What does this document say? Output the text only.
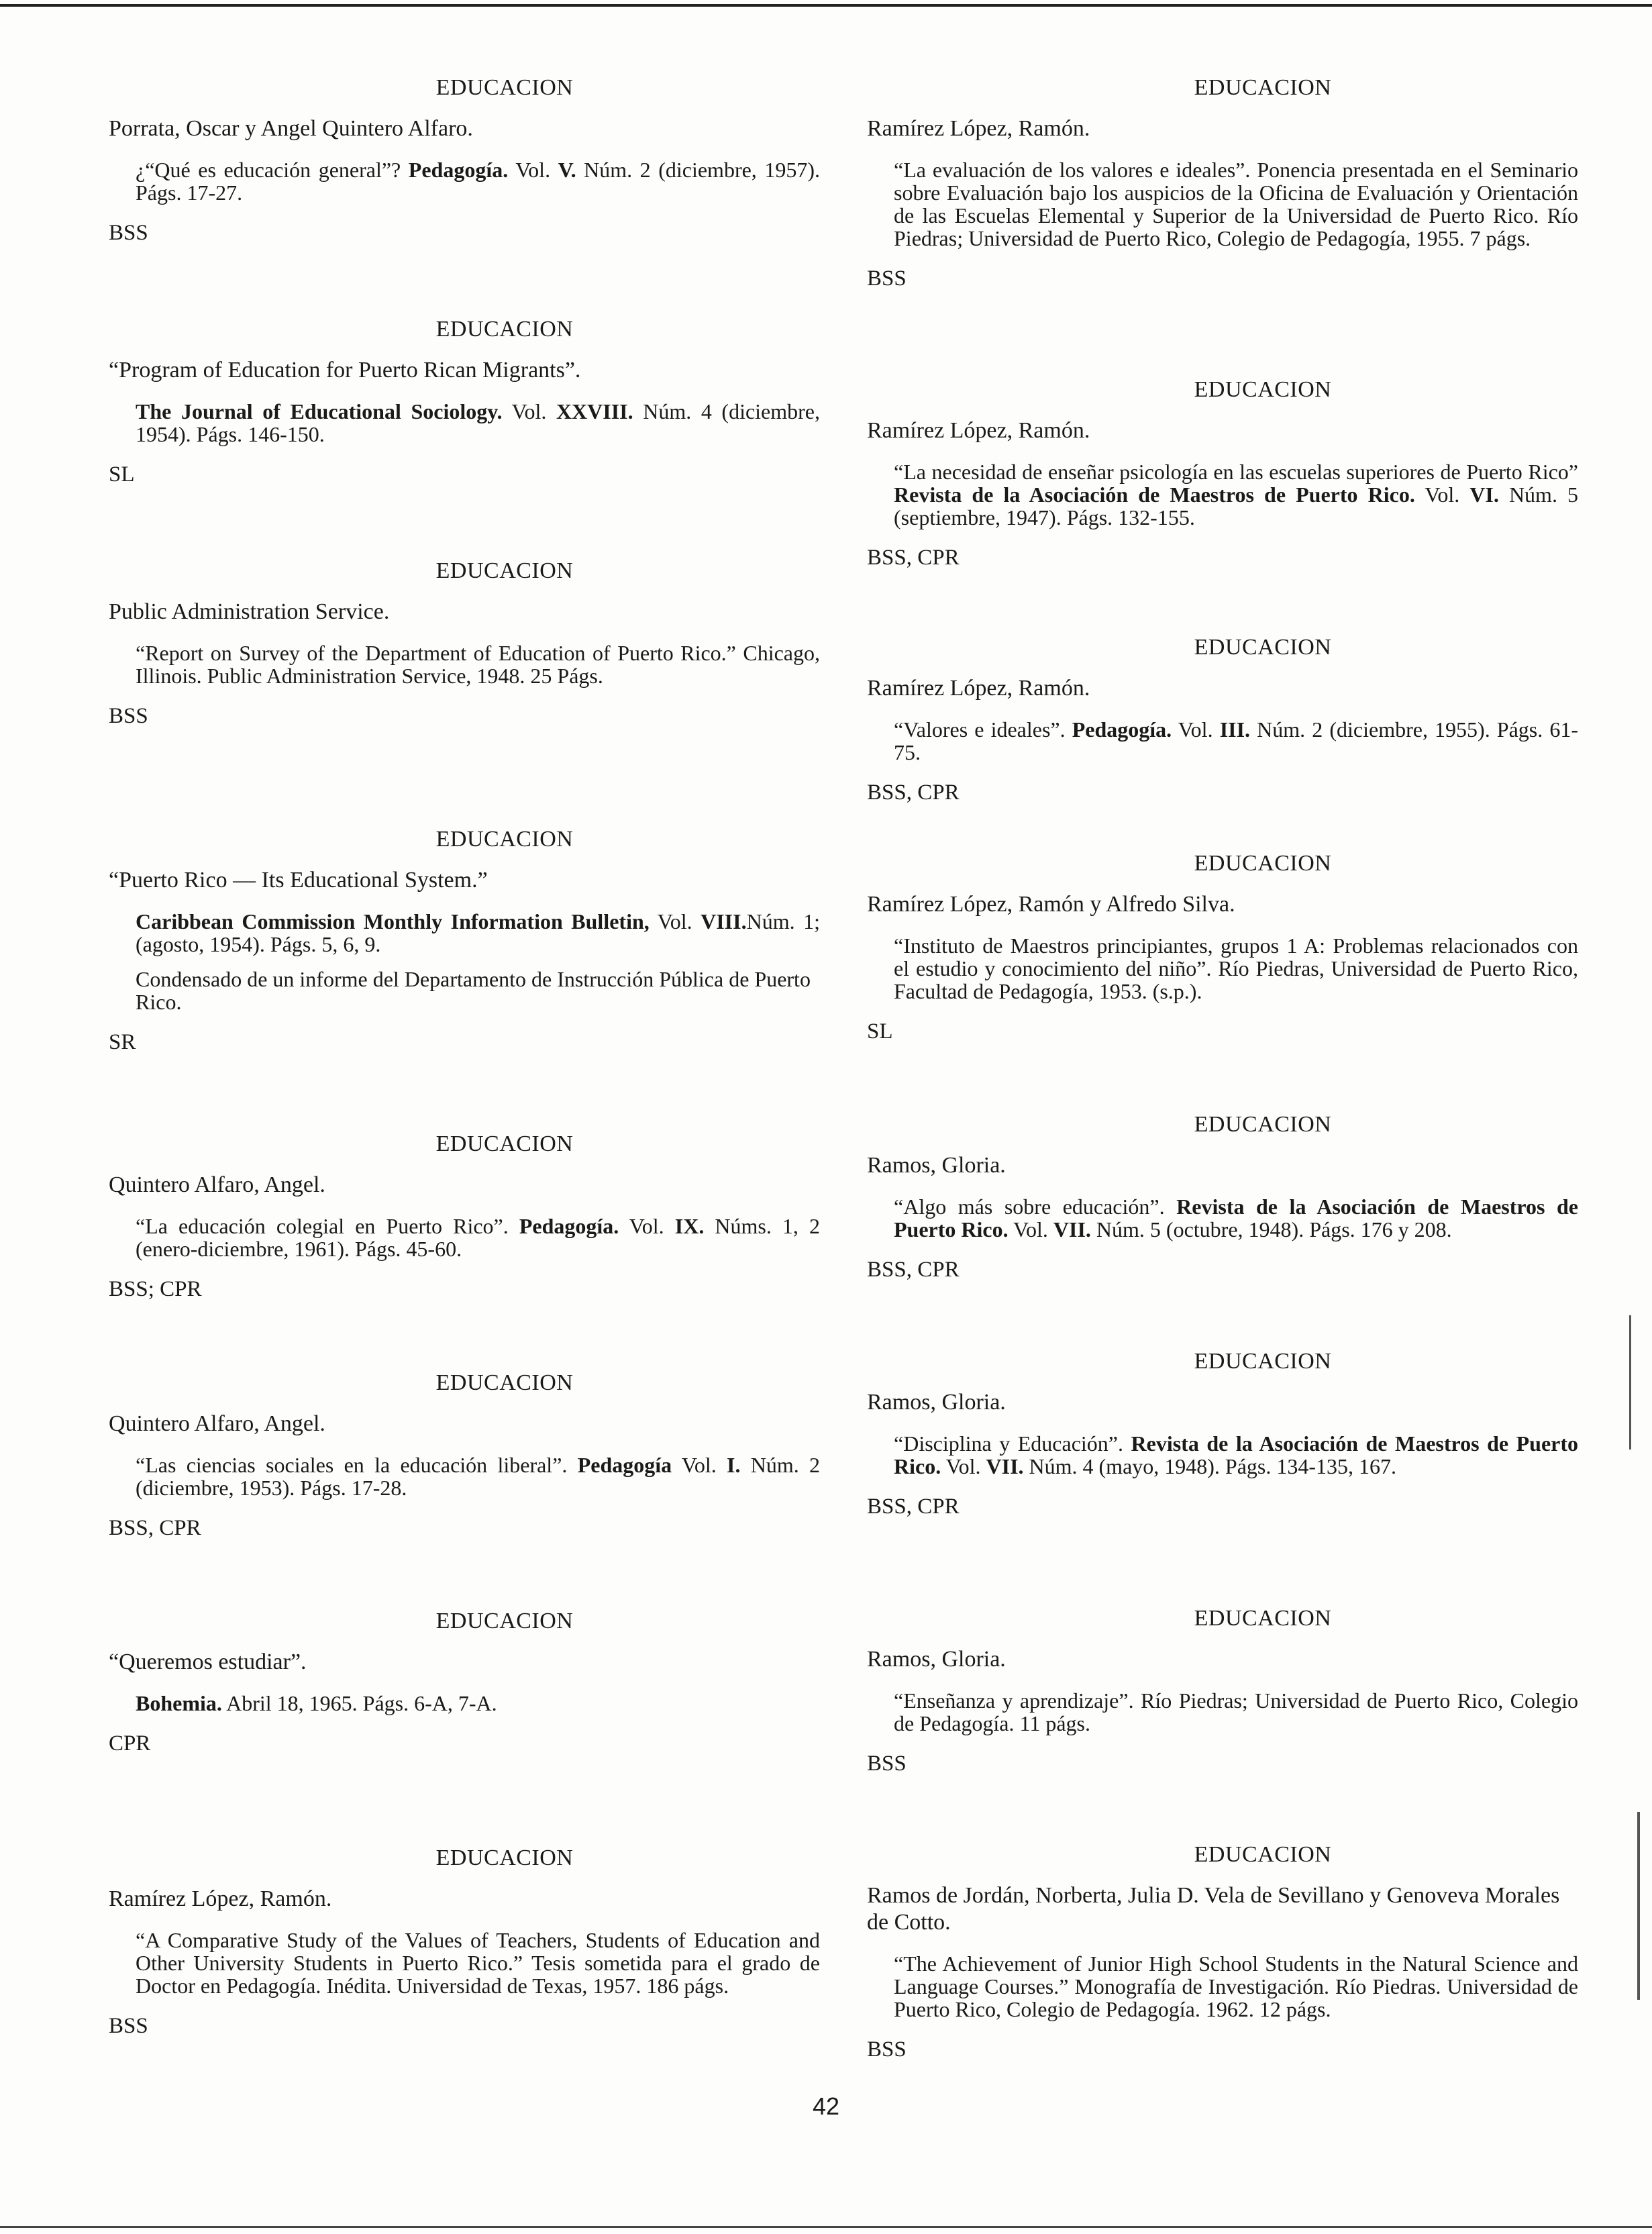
EDUCACION
Porrata, Oscar y Angel Quintero Alfaro.
¿“Qué es educación general”? Pedagogía. Vol. V. Núm. 2 (diciembre, 1957). Págs. 17-27.
BSS
EDUCACION
“Program of Education for Puerto Rican Migrants”.
The Journal of Educational Sociology. Vol. XXVIII. Núm. 4 (diciembre, 1954). Págs. 146-150.
SL
EDUCACION
Public Administration Service.
“Report on Survey of the Department of Education of Puerto Rico.” Chicago, Illinois. Public Administration Service, 1948. 25 Págs.
BSS
EDUCACION
“Puerto Rico — Its Educational System.”
Caribbean Commission Monthly Information Bulletin, Vol. VIII.Núm. 1; (agosto, 1954). Págs. 5, 6, 9.
Condensado de un informe del Departamento de Instrucción Pública de Puerto Rico.
SR
EDUCACION
Quintero Alfaro, Angel.
“La educación colegial en Puerto Rico”. Pedagogía. Vol. IX. Núms. 1, 2 (enero-diciembre, 1961). Págs. 45-60.
BSS; CPR
EDUCACION
Quintero Alfaro, Angel.
“Las ciencias sociales en la educación liberal”. Pedagogía Vol. I. Núm. 2 (diciembre, 1953). Págs. 17-28.
BSS, CPR
EDUCACION
“Queremos estudiar”.
Bohemia. Abril 18, 1965. Págs. 6-A, 7-A.
CPR
EDUCACION
Ramírez López, Ramón.
“A Comparative Study of the Values of Teachers, Students of Education and Other University Students in Puerto Rico.” Tesis sometida para el grado de Doctor en Pedagogía. Inédita. Universidad de Texas, 1957. 186 págs.
BSS
EDUCACION
Ramírez López, Ramón.
“La evaluación de los valores e ideales”. Ponencia presentada en el Seminario sobre Evaluación bajo los auspicios de la Oficina de Evaluación y Orientación de las Escuelas Elemental y Superior de la Universidad de Puerto Rico. Río Piedras; Universidad de Puerto Rico, Colegio de Pedagogía, 1955. 7 págs.
BSS
EDUCACION
Ramírez López, Ramón.
“La necesidad de enseñar psicología en las escuelas superiores de Puerto Rico” Revista de la Asociación de Maestros de Puerto Rico. Vol. VI. Núm. 5 (septiembre, 1947). Págs. 132-155.
BSS, CPR
EDUCACION
Ramírez López, Ramón.
“Valores e ideales”. Pedagogía. Vol. III. Núm. 2 (diciembre, 1955). Págs. 61-75.
BSS, CPR
EDUCACION
Ramírez López, Ramón y Alfredo Silva.
“Instituto de Maestros principiantes, grupos 1 A: Problemas relacionados con el estudio y conocimiento del niño”. Río Piedras, Universidad de Puerto Rico, Facultad de Pedagogía, 1953. (s.p.).
SL
EDUCACION
Ramos, Gloria.
“Algo más sobre educación”. Revista de la Asociación de Maestros de Puerto Rico. Vol. VII. Núm. 5 (octubre, 1948). Págs. 176 y 208.
BSS, CPR
EDUCACION
Ramos, Gloria.
“Disciplina y Educación”. Revista de la Asociación de Maestros de Puerto Rico. Vol. VII. Núm. 4 (mayo, 1948). Págs. 134-135, 167.
BSS, CPR
EDUCACION
Ramos, Gloria.
“Enseñanza y aprendizaje”. Río Piedras; Universidad de Puerto Rico, Colegio de Pedagogía. 11 págs.
BSS
EDUCACION
Ramos de Jordán, Norberta, Julia D. Vela de Sevillano y Genoveva Morales de Cotto.
“The Achievement of Junior High School Students in the Natural Science and Language Courses.” Monografía de Investigación. Río Piedras. Universidad de Puerto Rico, Colegio de Pedagogía. 1962. 12 págs.
BSS
42
